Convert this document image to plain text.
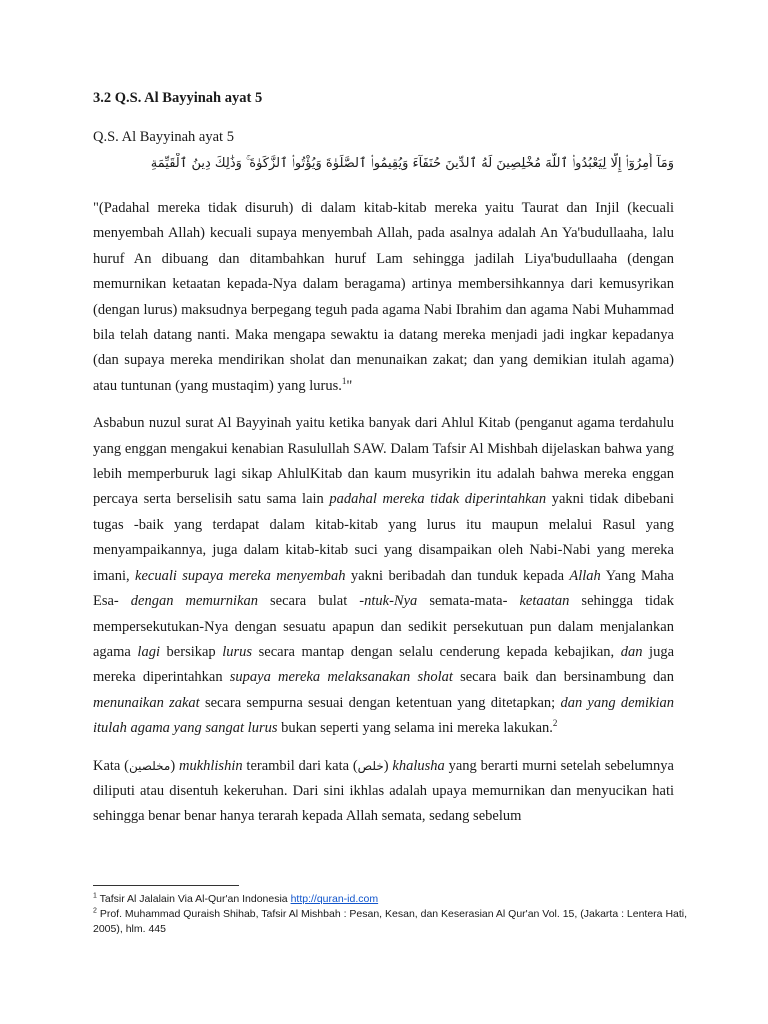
3.2 Q.S. Al Bayyinah ayat 5
Q.S. Al Bayyinah ayat 5
وَمَآ أُمِرُوٓا۟ إِلَّا لِيَعْبُدُوا۟ ٱللَّهَ مُخْلِصِينَ لَهُ ٱلدِّينَ حُنَفَآءَ وَيُقِيمُوا۟ ٱلصَّلَوٰةَ وَيُؤْتُوا۟ ٱلزَّكَوٰةَ ۚ وَذَٰلِكَ دِينُ ٱلْقَيِّمَةِ

"(Padahal mereka tidak disuruh) di dalam kitab-kitab mereka yaitu Taurat dan Injil (kecuali menyembah Allah) kecuali supaya menyembah Allah, pada asalnya adalah An Ya'budullaaha, lalu huruf An dibuang dan ditambahkan huruf Lam sehingga jadilah Liya'budullaaha (dengan memurnikan ketaatan kepada-Nya dalam beragama) artinya membersihkannya dari kemusyrikan (dengan lurus) maksudnya berpegang teguh pada agama Nabi Ibrahim dan agama Nabi Muhammad bila telah datang nanti. Maka mengapa sewaktu ia datang mereka menjadi jadi ingkar kepadanya (dan supaya mereka mendirikan sholat dan menunaikan zakat; dan yang demikian itulah agama) atau tuntunan (yang mustaqim) yang lurus.$^1$"

Asbabun nuzul surat Al Bayyinah yaitu ketika banyak dari Ahlul Kitab (penganut agama terdahulu yang enggan mengakui kenabian Rasulullah SAW. Dalam Tafsir Al Mishbah dijelaskan bahwa yang lebih memperburuk lagi sikap AhlulKitab dan kaum musyrikin itu adalah bahwa mereka enggan percaya serta berselisih satu sama lain padahal mereka tidak diperintahkan yakni tidak dibebani tugas -baik yang terdapat dalam kitab-kitab yang lurus itu maupun melalui Rasul yang menyampaikannya, juga dalam kitab-kitab suci yang disampaikan oleh Nabi-Nabi yang mereka imani, kecuali supaya mereka menyembah yakni beribadah dan tunduk kepada Allah Yang Maha Esa- dengan memurnikan secara bulat -ntuk-Nya semata-mata- ketaatan sehingga tidak mempersekutukan-Nya dengan sesuatu apapun dan sedikit persekutuan pun dalam menjalankan agama lagi bersikap lurus secara mantap dengan selalu cenderung kepada kebajikan, dan juga mereka diperintahkan supaya mereka melaksanakan sholat secara baik dan bersinambung dan menunaikan zakat secara sempurna sesuai dengan ketentuan yang ditetapkan; dan yang demikian itulah agama yang sangat lurus bukan seperti yang selama ini mereka lakukan.$^2$

Kata (مخلصين) mukhlishin terambil dari kata (خلص) khalusha yang berarti murni setelah sebelumnya diliputi atau disentuh kekeruhan. Dari sini ikhlas adalah upaya memurnikan dan menyucikan hati sehingga benar benar hanya terarah kepada Allah semata, sedang sebelum

$^1$ Tafsir Al Jalalain Via Al-Qur'an Indonesia http://quran-id.com
$^2$ Prof. Muhammad Quraish Shihab, Tafsir Al Mishbah : Pesan, Kesan, dan Keserasian Al Qur'an Vol. 15, (Jakarta : Lentera Hati, 2005), hlm. 445
